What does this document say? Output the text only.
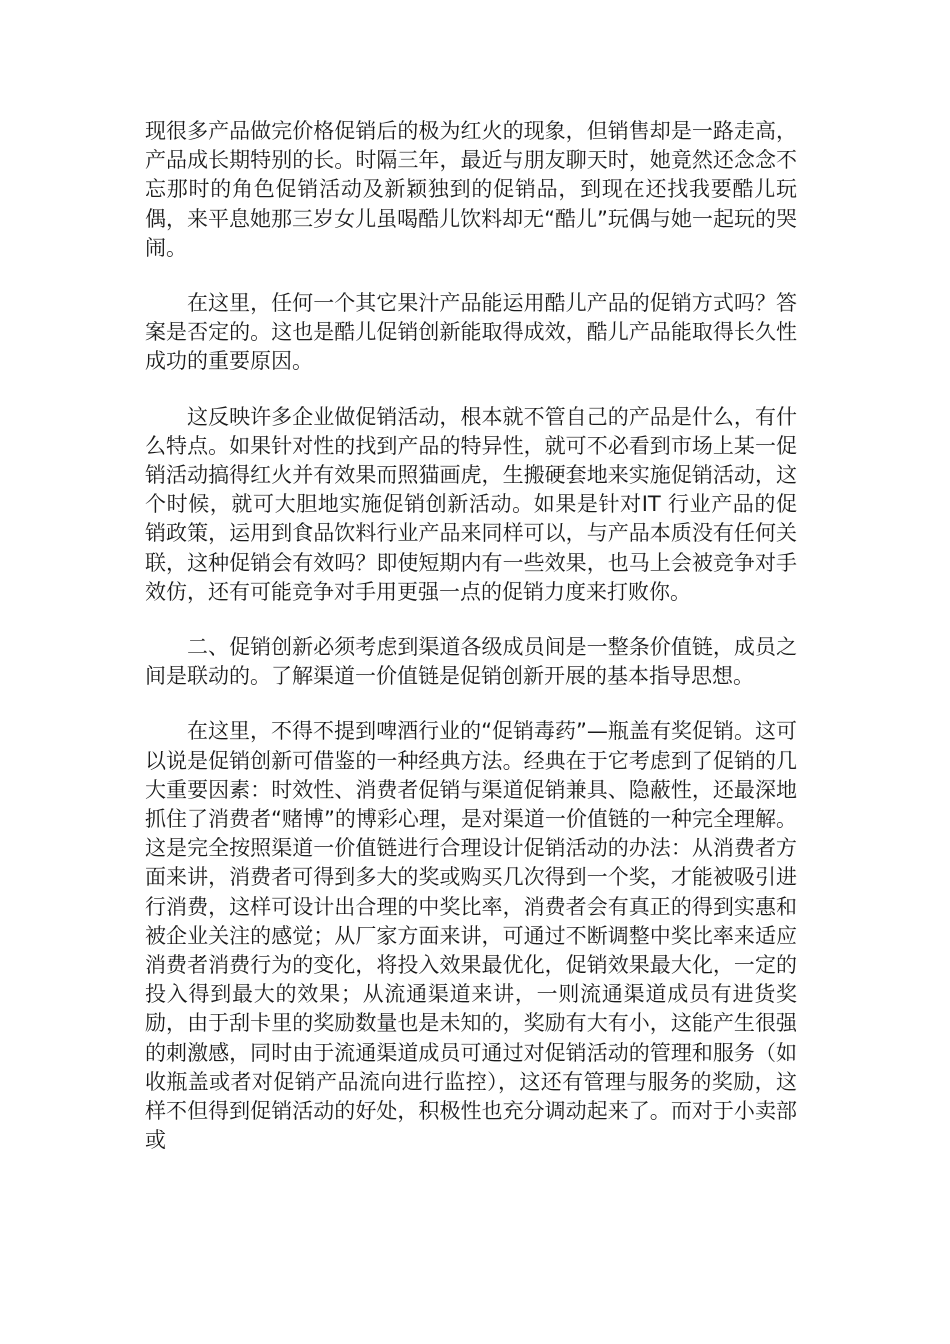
现很多产品做完价格促销后的极为红火的现象，但销售却是一路走高，产品成长期特别的长。时隔三年，最近与朋友聊天时，她竟然还念念不忘那时的角色促销活动及新颖独到的促销品，到现在还找我要酷儿玩偶，来平息她那三岁女儿虽喝酷儿饮料却无“酷儿”玩偶与她一起玩的哭闹。

在这里，任何一个其它果汁产品能运用酷儿产品的促销方式吗？答案是否定的。这也是酷儿促销创新能取得成效，酷儿产品能取得长久性成功的重要原因。

这反映许多企业做促销活动，根本就不管自己的产品是什么，有什么特点。如果针对性的找到产品的特异性，就可不必看到市场上某一促销活动搞得红火并有效果而照猫画虎，生搬硬套地来实施促销活动，这个时候，就可大胆地实施促销创新活动。如果是针对IT 行业产品的促销政策，运用到食品饮料行业产品来同样可以，与产品本质没有任何关联，这种促销会有效吗？即使短期内有一些效果，也马上会被竞争对手效仿，还有可能竞争对手用更强一点的促销力度来打败你。

二、促销创新必须考虑到渠道各级成员间是一整条价值链，成员之间是联动的。了解渠道一价值链是促销创新开展的基本指导思想。

在这里，不得不提到啤酒行业的“促销毒药”—瓶盖有奖促销。这可以说是促销创新可借鉴的一种经典方法。经典在于它考虑到了促销的几大重要因素：时效性、消费者促销与渠道促销兼具、隐蔽性，还最深地抓住了消费者“赌博”的博彩心理，是对渠道一价值链的一种完全理解。这是完全按照渠道一价值链进行合理设计促销活动的办法：从消费者方面来讲，消费者可得到多大的奖或购买几次得到一个奖，才能被吸引进行消费，这样可设计出合理的中奖比率，消费者会有真正的得到实惠和被企业关注的感觉；从厂家方面来讲，可通过不断调整中奖比率来适应消费者消费行为的变化，将投入效果最优化，促销效果最大化，一定的投入得到最大的效果；从流通渠道来讲，一则流通渠道成员有进货奖励，由于刮卡里的奖励数量也是未知的，奖励有大有小，这能产生很强的刺激感，同时由于流通渠道成员可通过对促销活动的管理和服务（如收瓶盖或者对促销产品流向进行监控），这还有管理与服务的奖励，这样不但得到促销活动的好处，积极性也充分调动起来了。而对于小卖部或
